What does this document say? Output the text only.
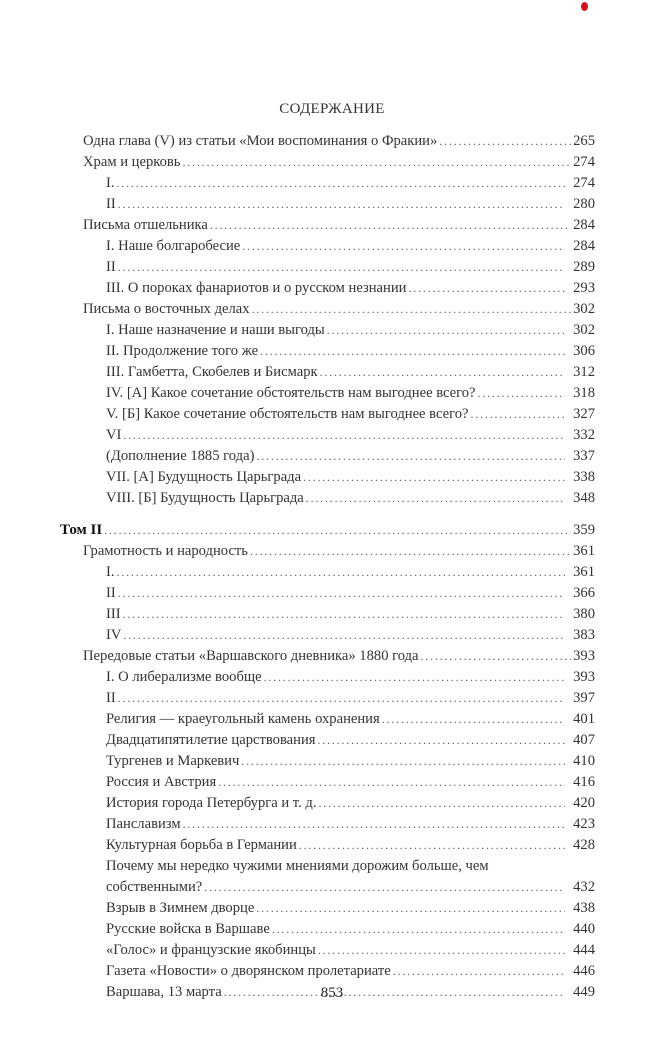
СОДЕРЖАНИЕ
Одна глава (V) из статьи «Мои воспоминания о Фракии» . . .	265
Храм и церковь . . .	274
I. . . .	274
II . . .	280
Письма отшельника . . .	284
I. Наше болгаробесие . . .	284
II . . .	289
III. О пороках фанариотов и о русском незнании . . .	293
Письма о восточных делах . . .	302
I. Наше назначение и наши выгоды . . .	302
II. Продолжение того же . . .	306
III. Гамбетта, Скобелев и Бисмарк . . .	312
IV. [А] Какое сочетание обстоятельств нам выгоднее всего? . . .	318
V. [Б] Какое сочетание обстоятельств нам выгоднее всего? . . .	327
VI . . .	332
(Дополнение 1885 года) . . .	337
VII. [А] Будущность Царьграда . . .	338
VIII. [Б] Будущность Царьграда . . .	348
Том II . . .	359
Грамотность и народность . . .	361
I. . . .	361
II . . .	366
III . . .	380
IV . . .	383
Передовые статьи «Варшавского дневника» 1880 года . . .	393
I. О либерализме вообще . . .	393
II . . .	397
Религия — краеугольный камень охранения . . .	401
Двадцатипятилетие царствования . . .	407
Тургенев и Маркевич . . .	410
Россия и Австрия . . .	416
История города Петербурга и т. д. . . .	420
Панславизм . . .	423
Культурная борьба в Германии . . .	428
Почему мы нередко чужими мнениями дорожим больше, чем
собственными? . . .	432
Взрыв в Зимнем дворце . . .	438
Русские войска в Варшаве . . .	440
«Голос» и французские якобинцы . . .	444
Газета «Новости» о дворянском пролетариате . . .	446
Варшава, 13 марта . . .	449
853
